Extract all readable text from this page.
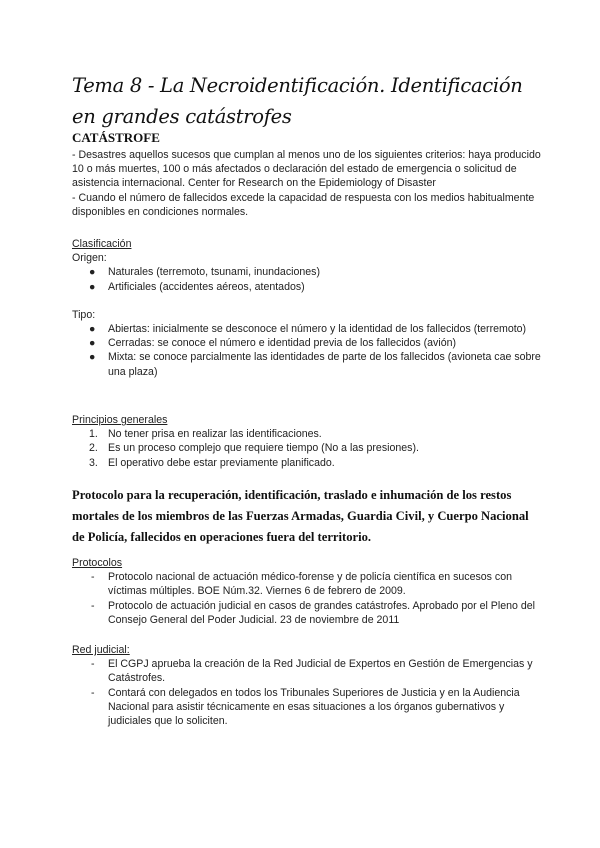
Tema 8 - La Necroidentificación. Identificación en grandes catástrofes
CATÁSTROFE

- Desastres aquellos sucesos que cumplan al menos uno de los siguientes criterios: haya producido 10 o más muertes, 100 o más afectados o declaración del estado de emergencia o solicitud de asistencia internacional. Center for Research on the Epidemiology of Disaster

- Cuando el número de fallecidos excede la capacidad de respuesta con los medios habitualmente disponibles en condiciones normales.

Clasificación

Origen:

● Naturales (terremoto, tsunami, inundaciones)
● Artificiales (accidentes aéreos, atentados)

Tipo:

● Abiertas: inicialmente se desconoce el número y la identidad de los fallecidos (terremoto)
● Cerradas: se conoce el número e identidad previa de los fallecidos (avión)
● Mixta: se conoce parcialmente las identidades de parte de los fallecidos (avioneta cae sobre una plaza)

Principios generales

1. No tener prisa en realizar las identificaciones.
2. Es un proceso complejo que requiere tiempo (No a las presiones).
3. El operativo debe estar previamente planificado.
Protocolo para la recuperación, identificación, traslado e inhumación de los restos mortales de los miembros de las Fuerzas Armadas, Guardia Civil, y Cuerpo Nacional de Policía, fallecidos en operaciones fuera del territorio.

Protocolos

- Protocolo nacional de actuación médico-forense y de policía científica en sucesos con víctimas múltiples. BOE Núm.32. Viernes 6 de febrero de 2009.
- Protocolo de actuación judicial en casos de grandes catástrofes. Aprobado por el Pleno del Consejo General del Poder Judicial. 23 de noviembre de 2011

Red judicial:

- El CGPJ aprueba la creación de la Red Judicial de Expertos en Gestión de Emergencias y Catástrofes.
- Contará con delegados en todos los Tribunales Superiores de Justicia y en la Audiencia Nacional para asistir técnicamente en esas situaciones a los órganos gubernativos y judiciales que lo soliciten.
